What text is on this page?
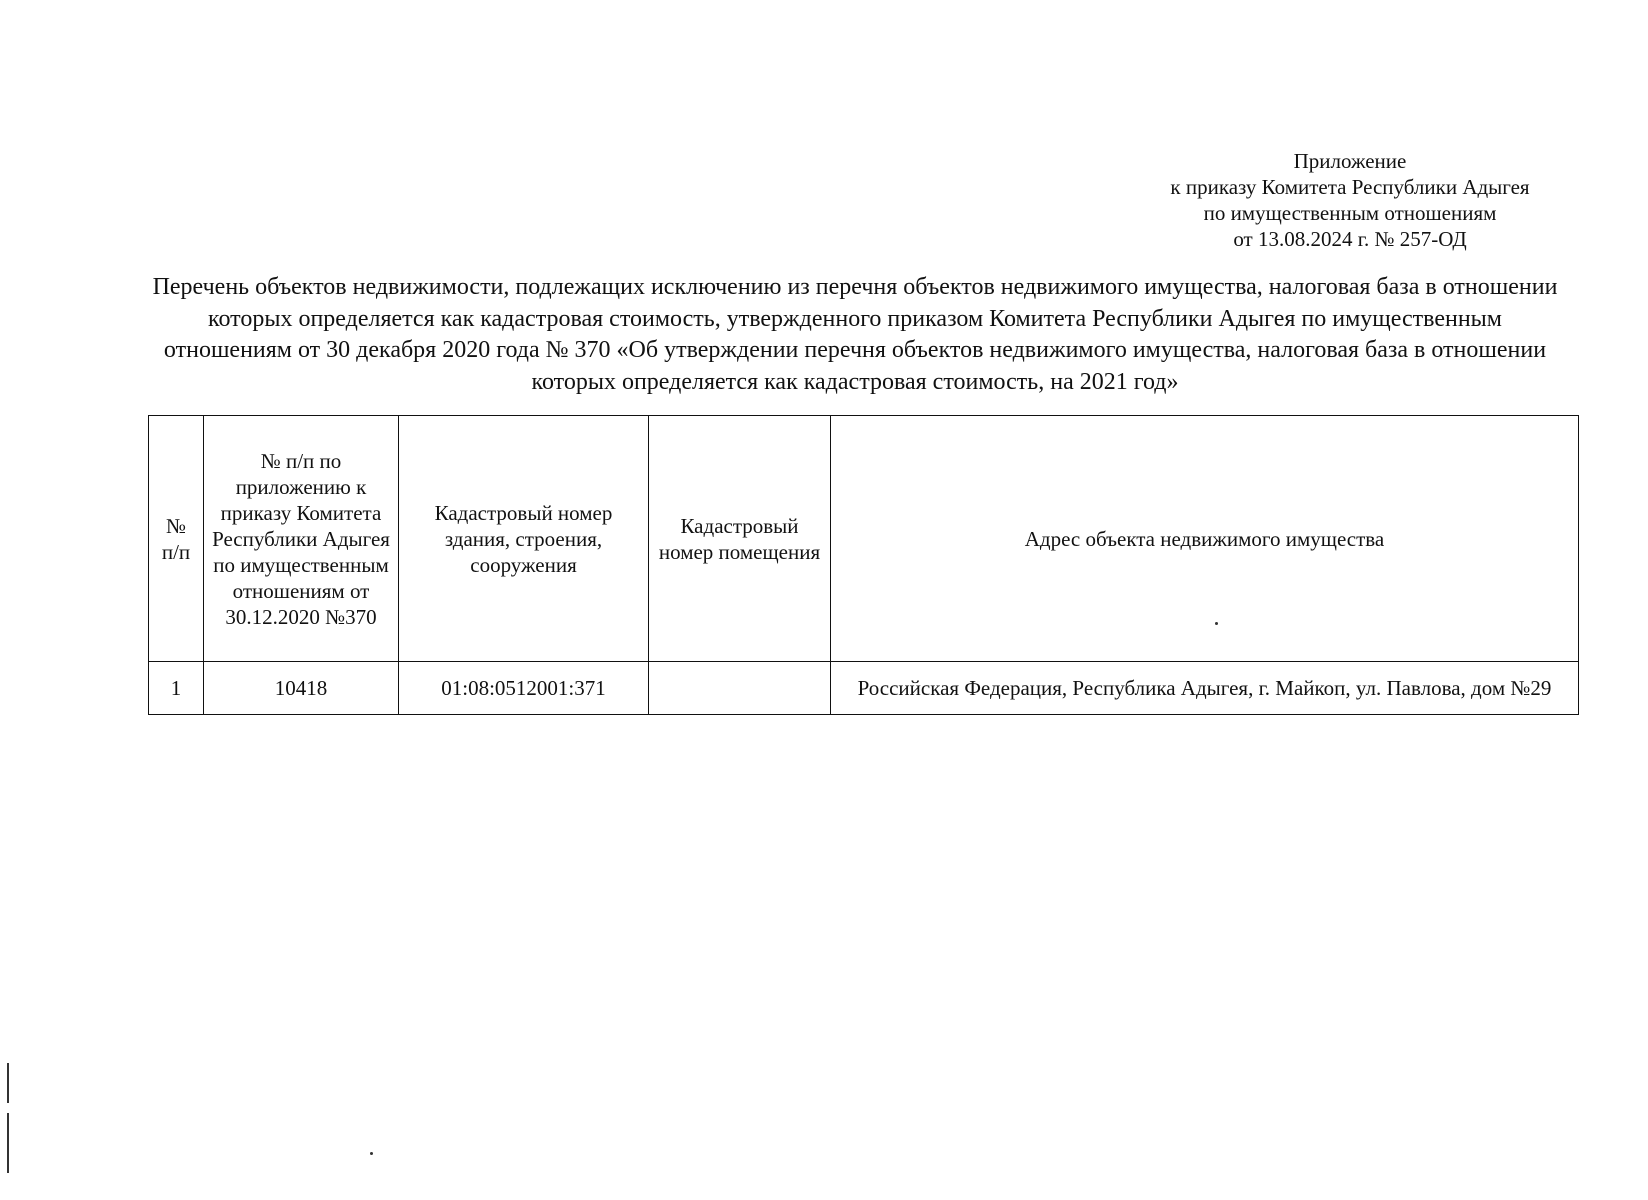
Приложение
к приказу Комитета Республики Адыгея
по имущественным отношениям
от 13.08.2024 г. № 257-ОД
Перечень объектов недвижимости, подлежащих исключению из перечня объектов недвижимого имущества, налоговая база в отношении которых определяется как кадастровая стоимость, утвержденного приказом Комитета Республики Адыгея по имущественным отношениям от 30 декабря 2020 года № 370 «Об утверждении перечня объектов недвижимого имущества, налоговая база в отношении которых определяется как кадастровая стоимость, на 2021 год»
№ п/п	№ п/п по приложению к приказу Комитета Республики Адыгея по имущественным отношениям от 30.12.2020 №370	Кадастровый номер здания, строения, сооружения	Кадастровый номер помещения	Адрес объекта недвижимого имущества
1	10418	01:08:0512001:371		Российская Федерация, Республика Адыгея, г. Майкоп, ул. Павлова, дом №29
